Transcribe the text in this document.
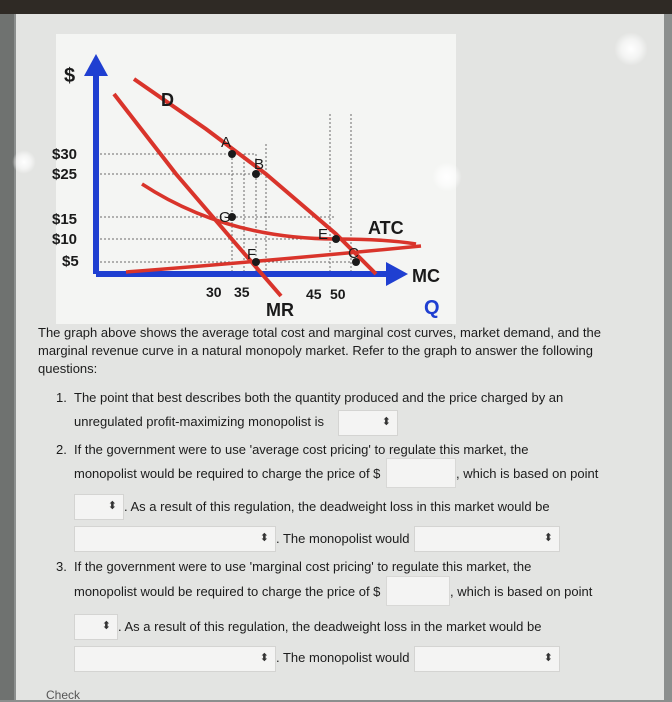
$
Q
$30
$25
$15
$10
$5
30 35	45 50
D
MR
ATC
MC
A
B
G
E
F	C

The graph above shows the average total cost and marginal cost curves, market demand, and the marginal revenue curve in a natural monopoly market. Refer to the graph to answer the following questions:

1. The point that best describes both the quantity produced and the price charged by an
unregulated profit-maximizing monopolist is	⬍
2. If the government were to use 'average cost pricing' to regulate this market, the
monopolist would be required to charge the price of $	, which is based on point
⬍ . As a result of this regulation, the deadweight loss in this market would be
⬍ . The monopolist would	⬍
3. If the government were to use 'marginal cost pricing' to regulate this market, the
monopolist would be required to charge the price of $	, which is based on point
⬍ . As a result of this regulation, the deadweight loss in the market would be
⬍ . The monopolist would	⬍
Check
